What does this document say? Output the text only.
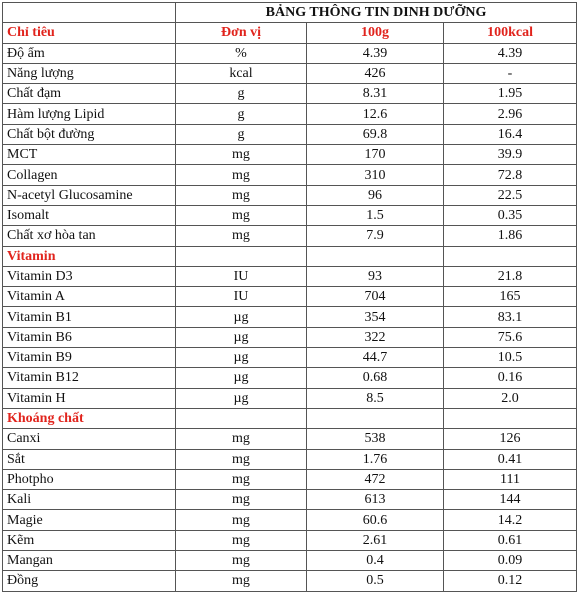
	BẢNG THÔNG TIN DINH DƯỠNG		
Chỉ tiêu	Đơn vị	100g	100kcal
Độ ẩm	%	4.39	4.39
Năng lượng	kcal	426	-
Chất đạm	g	8.31	1.95
Hàm lượng Lipid	g	12.6	2.96
Chất bột đường	g	69.8	16.4
MCT	mg	170	39.9
Collagen	mg	310	72.8
N-acetyl Glucosamine	mg	96	22.5
Isomalt	mg	1.5	0.35
Chất xơ hòa tan	mg	7.9	1.86
Vitamin			
Vitamin D3	IU	93	21.8
Vitamin A	IU	704	165
Vitamin B1	µg	354	83.1
Vitamin B6	µg	322	75.6
Vitamin B9	µg	44.7	10.5
Vitamin B12	µg	0.68	0.16
Vitamin H	µg	8.5	2.0
Khoáng chất			
Canxi	mg	538	126
Sắt	mg	1.76	0.41
Photpho	mg	472	111
Kali	mg	613	144
Magie	mg	60.6	14.2
Kẽm	mg	2.61	0.61
Mangan	mg	0.4	0.09
Đồng	mg	0.5	0.12
